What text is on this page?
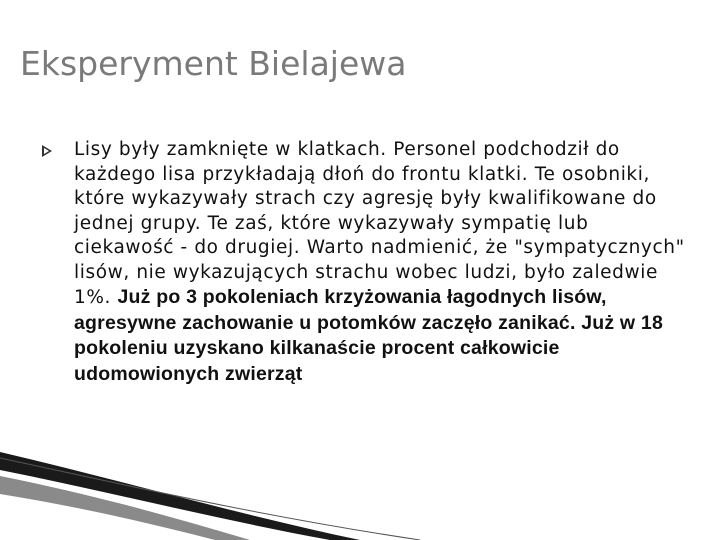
Eksperyment Bielajewa

Lisy były zamknięte w klatkach. Personel podchodził do każdego lisa przykładają dłoń do frontu klatki. Te osobniki, które wykazywały strach czy agresję były kwalifikowane do jednej grupy. Te zaś, które wykazywały sympatię lub ciekawość - do drugiej. Warto nadmienić, że "sympatycznych" lisów, nie wykazujących strachu wobec ludzi, było zaledwie 1%. Już po 3 pokoleniach krzyżowania łagodnych lisów, agresywne zachowanie u potomków zaczęło zanikać. Już w 18 pokoleniu uzyskano kilkanaście procent całkowicie udomowionych zwierząt
